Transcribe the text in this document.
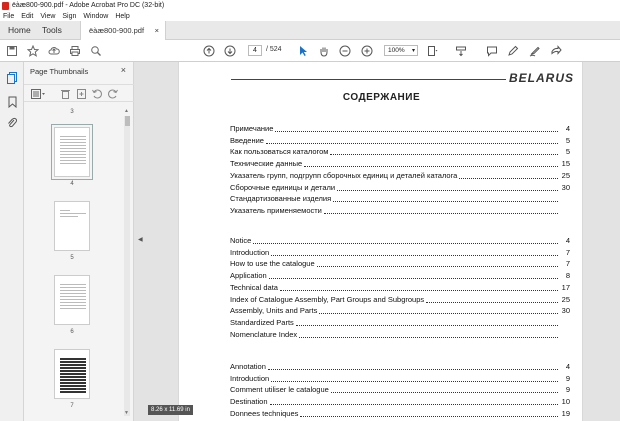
ëàæ800-900.pdf - Adobe Acrobat Pro DC (32-bit)
File Edit View Sign Window Help
Home	Tools	ëàæ800-900.pdf ×
4	/ 524	100% ▾
Page Thumbnails	×
3
4
5
6
7
▲
▼
◀
BELARUS
СОДЕРЖАНИЕ
Примечание	4
Введение	5
Как пользоваться каталогом	5
Технические данные	15
Указатель групп, подгрупп сборочных единиц и деталей каталога	25
Сборочные единицы и детали	30
Стандартизованные изделия
Указатель применяемости
Notice	4
Introduction	7
How to use the catalogue	7
Application	8
Technical data	17
Index of Catalogue Assembly, Part Groups and Subgroups	25
Assembly, Units and Parts	30
Standardized Parts
Nomenclature Index
Annotation	4
Introduction	9
Comment utiliser le catalogue	9
Destination	10
Donnees techniques	19
8.26 x 11.69 in
